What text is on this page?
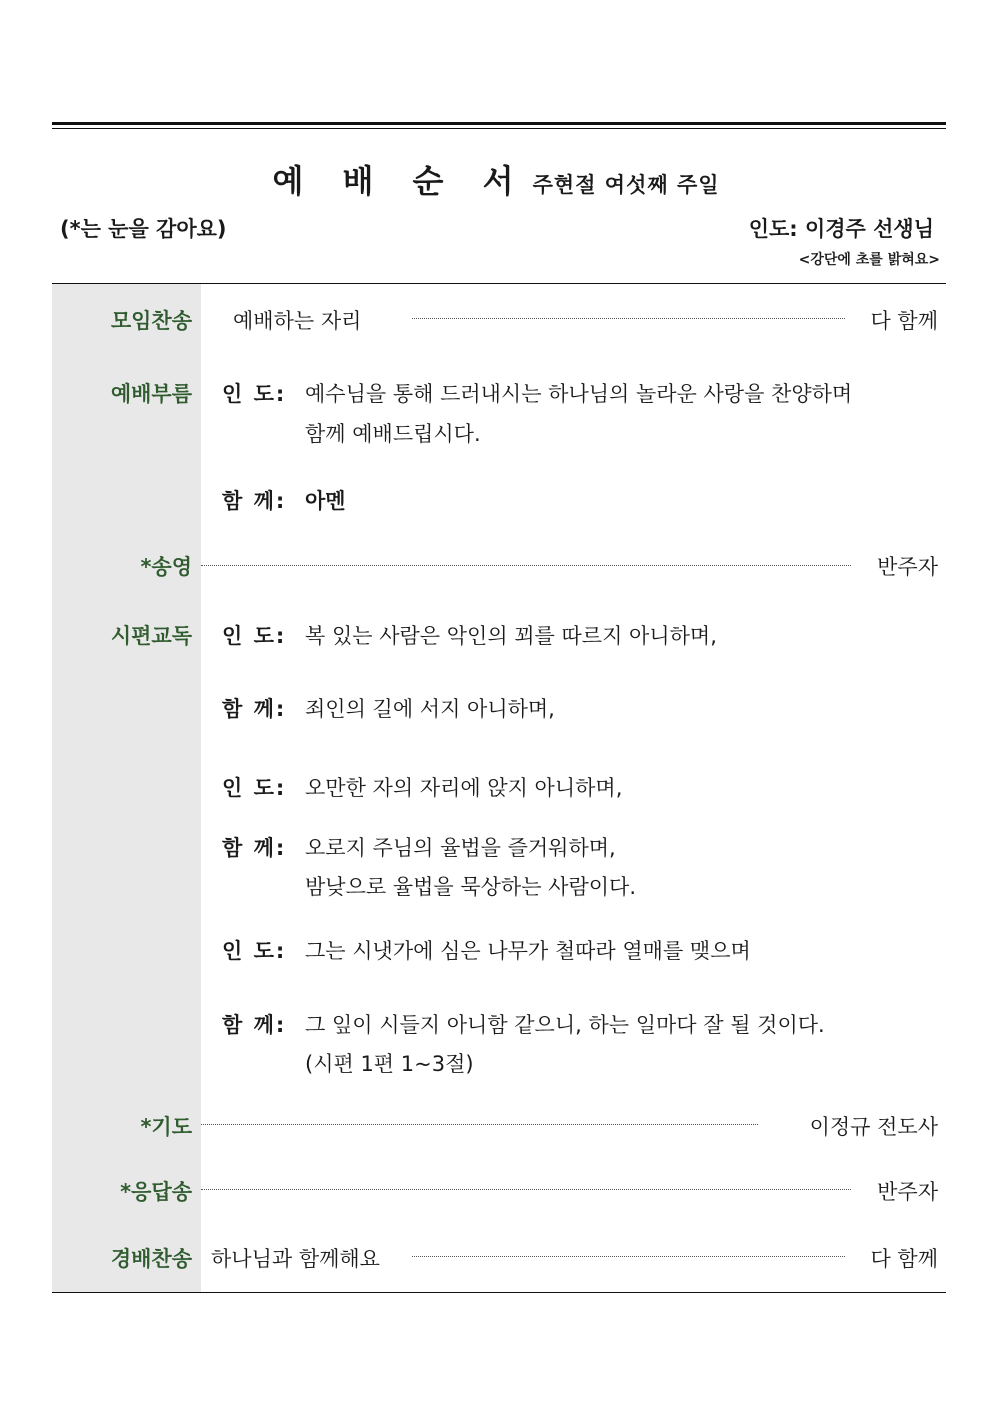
예 배 순 서 주현절 여섯째 주일
(*는 눈을 감아요)	인도: 이경주 선생님
<강단에 초를 밝혀요>
모임찬송 예배하는 자리	다 함께
예배부름 인 도: 예수님을 통해 드러내시는 하나님의 놀라운 사랑을 찬양하며
함께 예배드립시다.
함 께: 아멘
*송영	반주자
시편교독 인 도: 복 있는 사람은 악인의 꾀를 따르지 아니하며,
함 께: 죄인의 길에 서지 아니하며,
인 도: 오만한 자의 자리에 앉지 아니하며,
함 께: 오로지 주님의 율법을 즐거워하며,
밤낮으로 율법을 묵상하는 사람이다.
인 도: 그는 시냇가에 심은 나무가 철따라 열매를 맺으며
함 께: 그 잎이 시들지 아니함 같으니, 하는 일마다 잘 될 것이다.
(시편 1편 1~3절)
*기도	이정규 전도사
*응답송	반주자
경배찬송 하나님과 함께해요	다 함께
